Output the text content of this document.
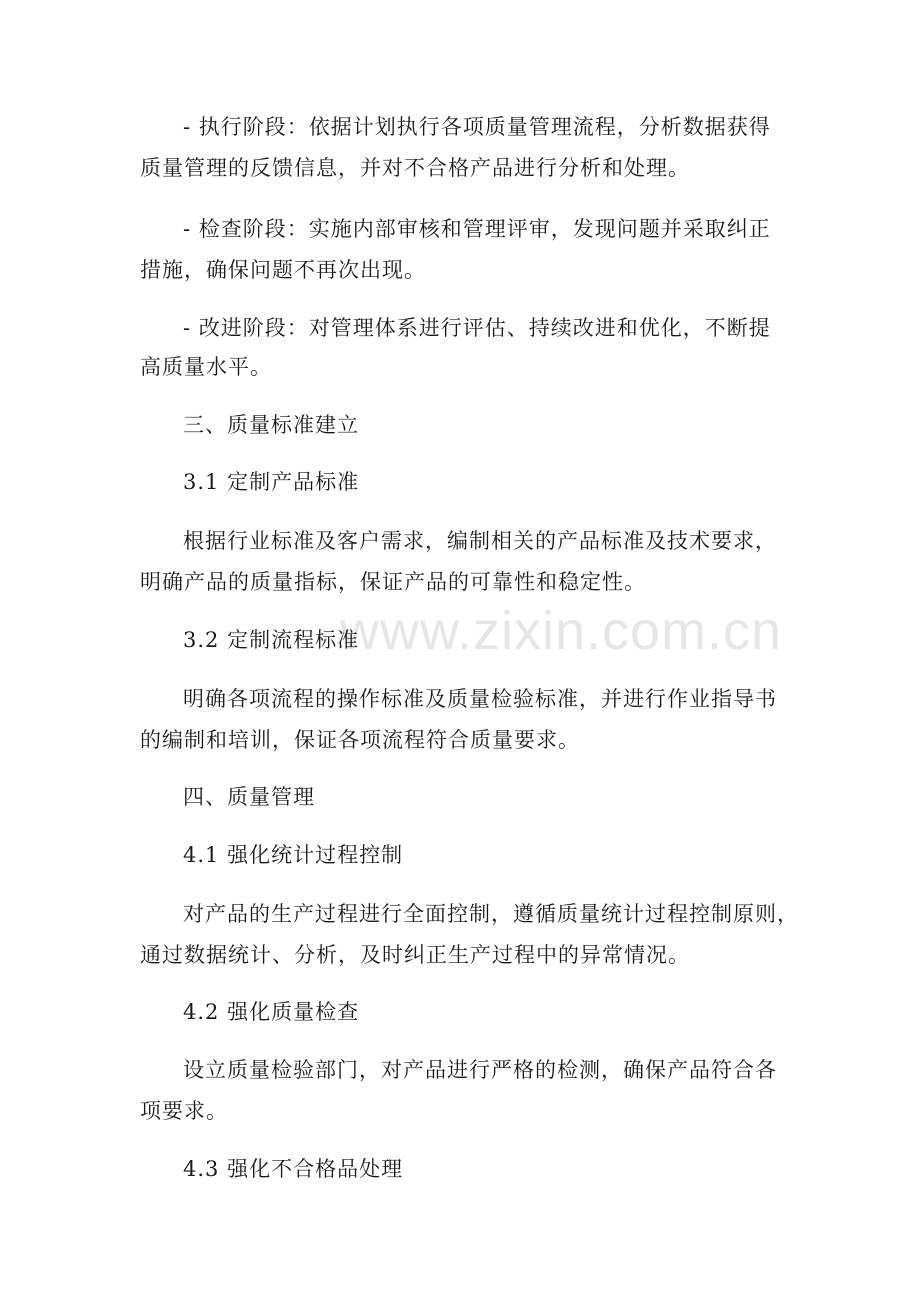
www.zixin.com.cn
- 执行阶段：依据计划执行各项质量管理流程，分析数据获得
质量管理的反馈信息，并对不合格产品进行分析和处理。
- 检查阶段：实施内部审核和管理评审，发现问题并采取纠正
措施，确保问题不再次出现。
- 改进阶段：对管理体系进行评估、持续改进和优化，不断提
高质量水平。
三、质量标准建立
3.1 定制产品标准
根据行业标准及客户需求，编制相关的产品标准及技术要求，
明确产品的质量指标，保证产品的可靠性和稳定性。
3.2 定制流程标准
明确各项流程的操作标准及质量检验标准，并进行作业指导书
的编制和培训，保证各项流程符合质量要求。
四、质量管理
4.1 强化统计过程控制
对产品的生产过程进行全面控制，遵循质量统计过程控制原则，
通过数据统计、分析，及时纠正生产过程中的异常情况。
4.2 强化质量检查
设立质量检验部门，对产品进行严格的检测，确保产品符合各
项要求。
4.3 强化不合格品处理
